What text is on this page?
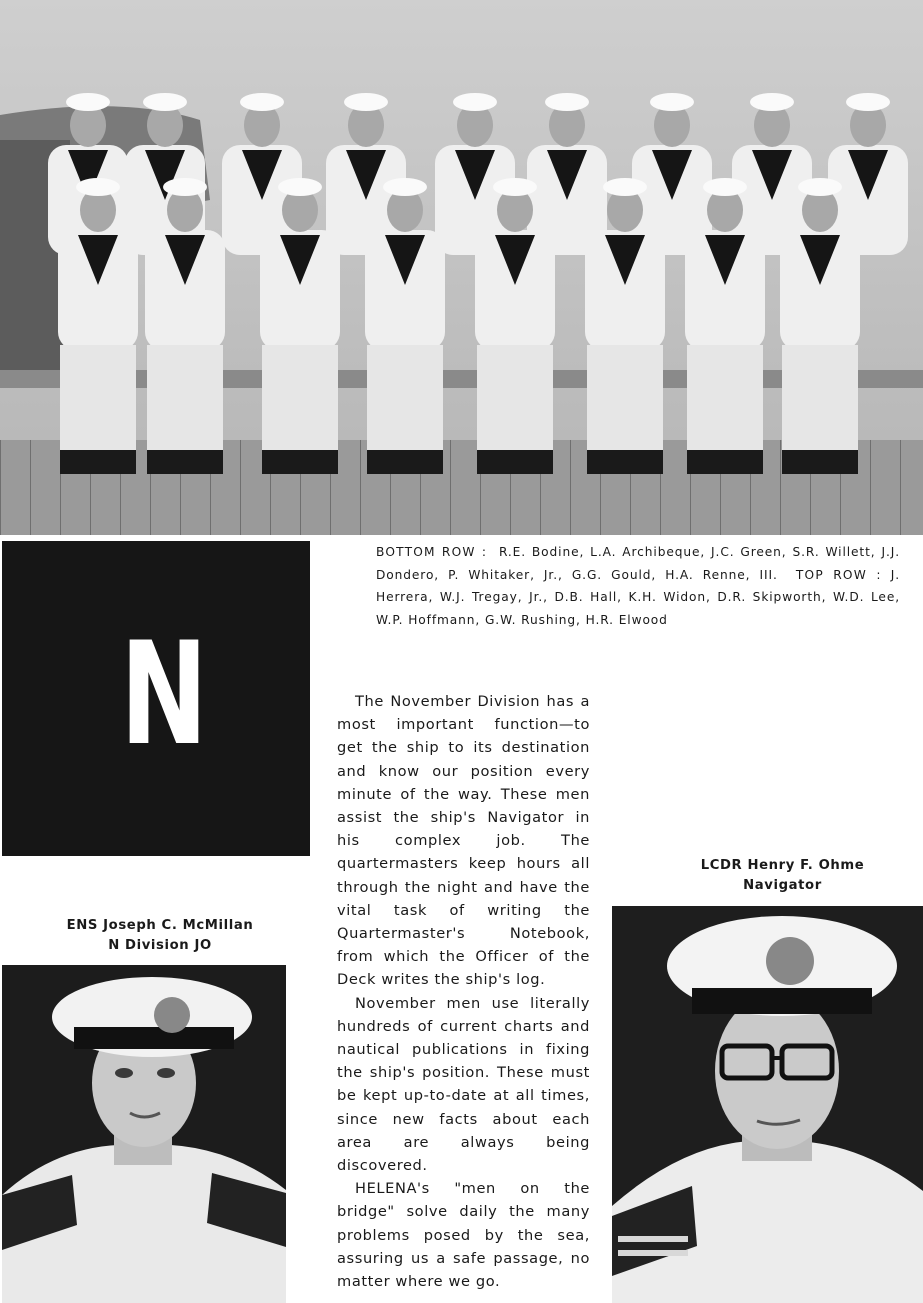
N
BOTTOM ROW : R.E. Bodine, L.A. Archibeque, J.C. Green, S.R. Willett, J.J. Dondero, P. Whitaker, Jr., G.G. Gould, H.A. Renne, III. TOP ROW : J. Herrera, W.J. Tregay, Jr., D.B. Hall, K.H. Widon, D.R. Skipworth, W.D. Lee, W.P. Hoffmann, G.W. Rushing, H.R. Elwood

The November Division has a most important function—to get the ship to its destination and know our position every minute of the way. These men assist the ship's Navigator in his complex job. The quartermasters keep hours all through the night and have the vital task of writing the Quartermaster's Notebook, from which the Officer of the Deck writes the ship's log.

November men use literally hundreds of current charts and nautical publications in fixing the ship's position. These must be kept up-to-date at all times, since new facts about each area are always being discovered.

HELENA's "men on the bridge" solve daily the many problems posed by the sea, assuring us a safe passage, no matter where we go.

ENS Joseph C. McMillan
N Division JO
LCDR Henry F. Ohme
Navigator
